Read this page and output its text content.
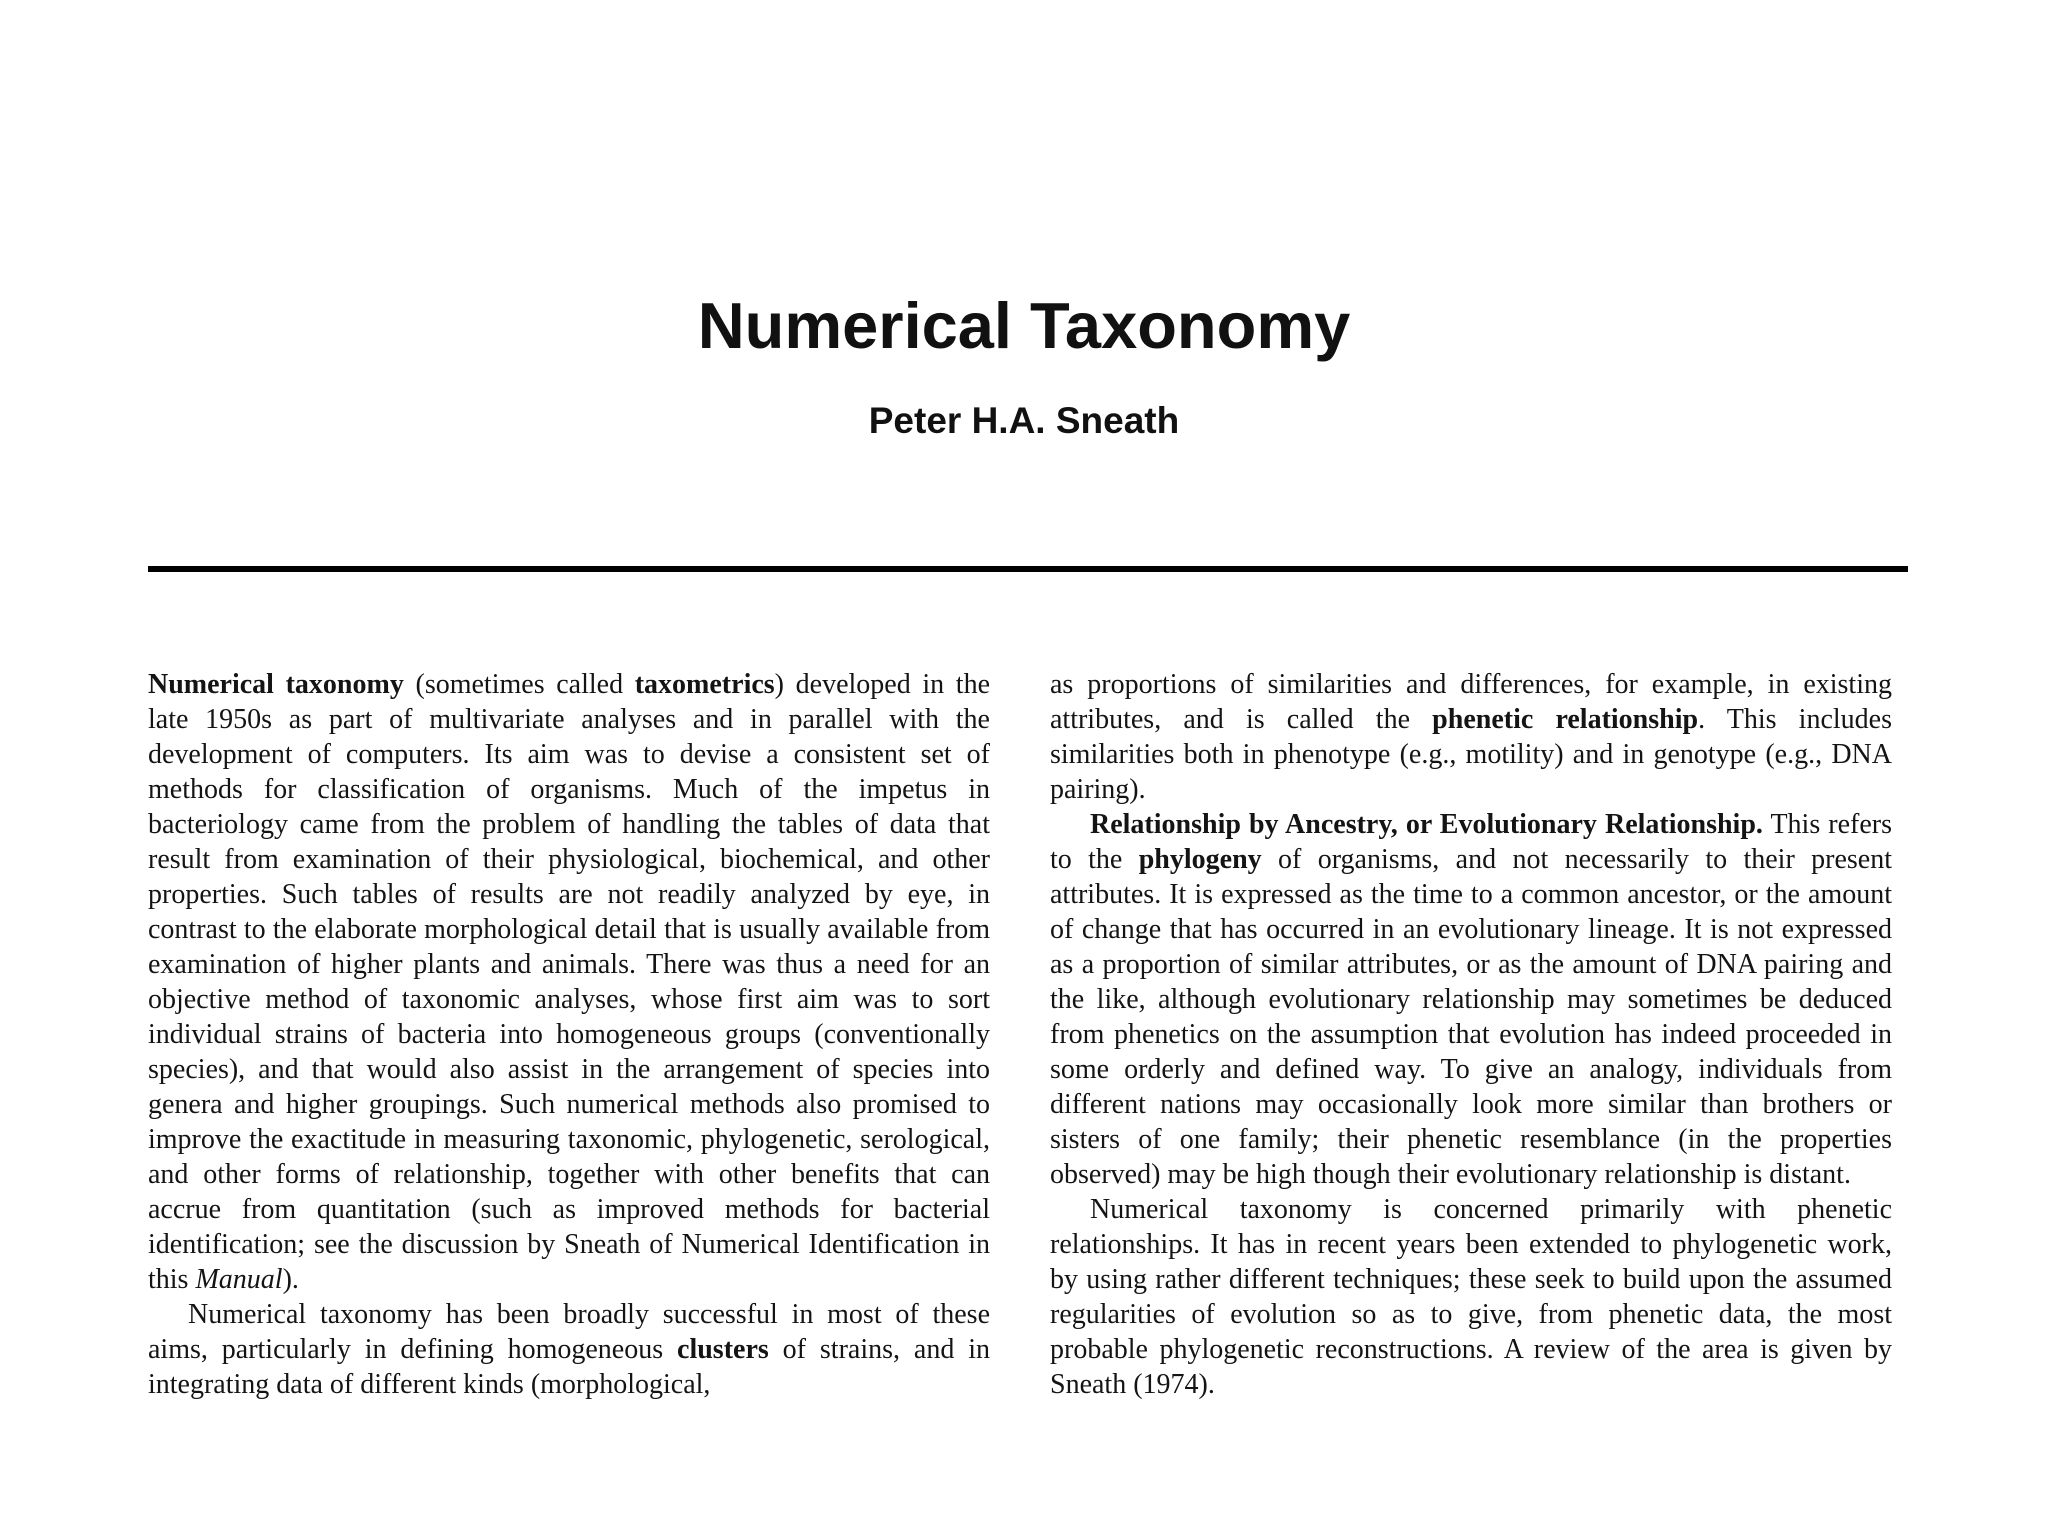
Numerical Taxonomy
Peter H.A. Sneath

Numerical taxonomy (sometimes called taxometrics) developed in the late 1950s as part of multivariate analyses and in parallel with the development of computers. Its aim was to devise a consistent set of methods for classification of organisms. Much of the impetus in bacteriology came from the problem of handling the tables of data that result from examination of their physiological, biochemical, and other properties. Such tables of results are not readily analyzed by eye, in contrast to the elaborate morphological detail that is usually available from examination of higher plants and animals. There was thus a need for an objective method of taxonomic analyses, whose first aim was to sort individual strains of bacteria into homogeneous groups (conventionally species), and that would also assist in the arrangement of species into genera and higher groupings. Such numerical methods also promised to improve the exactitude in measuring taxonomic, phylogenetic, serological, and other forms of relationship, together with other benefits that can accrue from quantitation (such as improved methods for bacterial identification; see the discussion by Sneath of Numerical Identification in this Manual).

Numerical taxonomy has been broadly successful in most of these aims, particularly in defining homogeneous clusters of strains, and in integrating data of different kinds (morphological,

as proportions of similarities and differences, for example, in existing attributes, and is called the phenetic relationship. This includes similarities both in phenotype (e.g., motility) and in genotype (e.g., DNA pairing).

Relationship by Ancestry, or Evolutionary Relationship. This refers to the phylogeny of organisms, and not necessarily to their present attributes. It is expressed as the time to a common ancestor, or the amount of change that has occurred in an evolutionary lineage. It is not expressed as a proportion of similar attributes, or as the amount of DNA pairing and the like, although evolutionary relationship may sometimes be deduced from phenetics on the assumption that evolution has indeed proceeded in some orderly and defined way. To give an analogy, individuals from different nations may occasionally look more similar than brothers or sisters of one family; their phenetic resemblance (in the properties observed) may be high though their evolutionary relationship is distant.

Numerical taxonomy is concerned primarily with phenetic relationships. It has in recent years been extended to phylogenetic work, by using rather different techniques; these seek to build upon the assumed regularities of evolution so as to give, from phenetic data, the most probable phylogenetic reconstructions. A review of the area is given by Sneath (1974).
